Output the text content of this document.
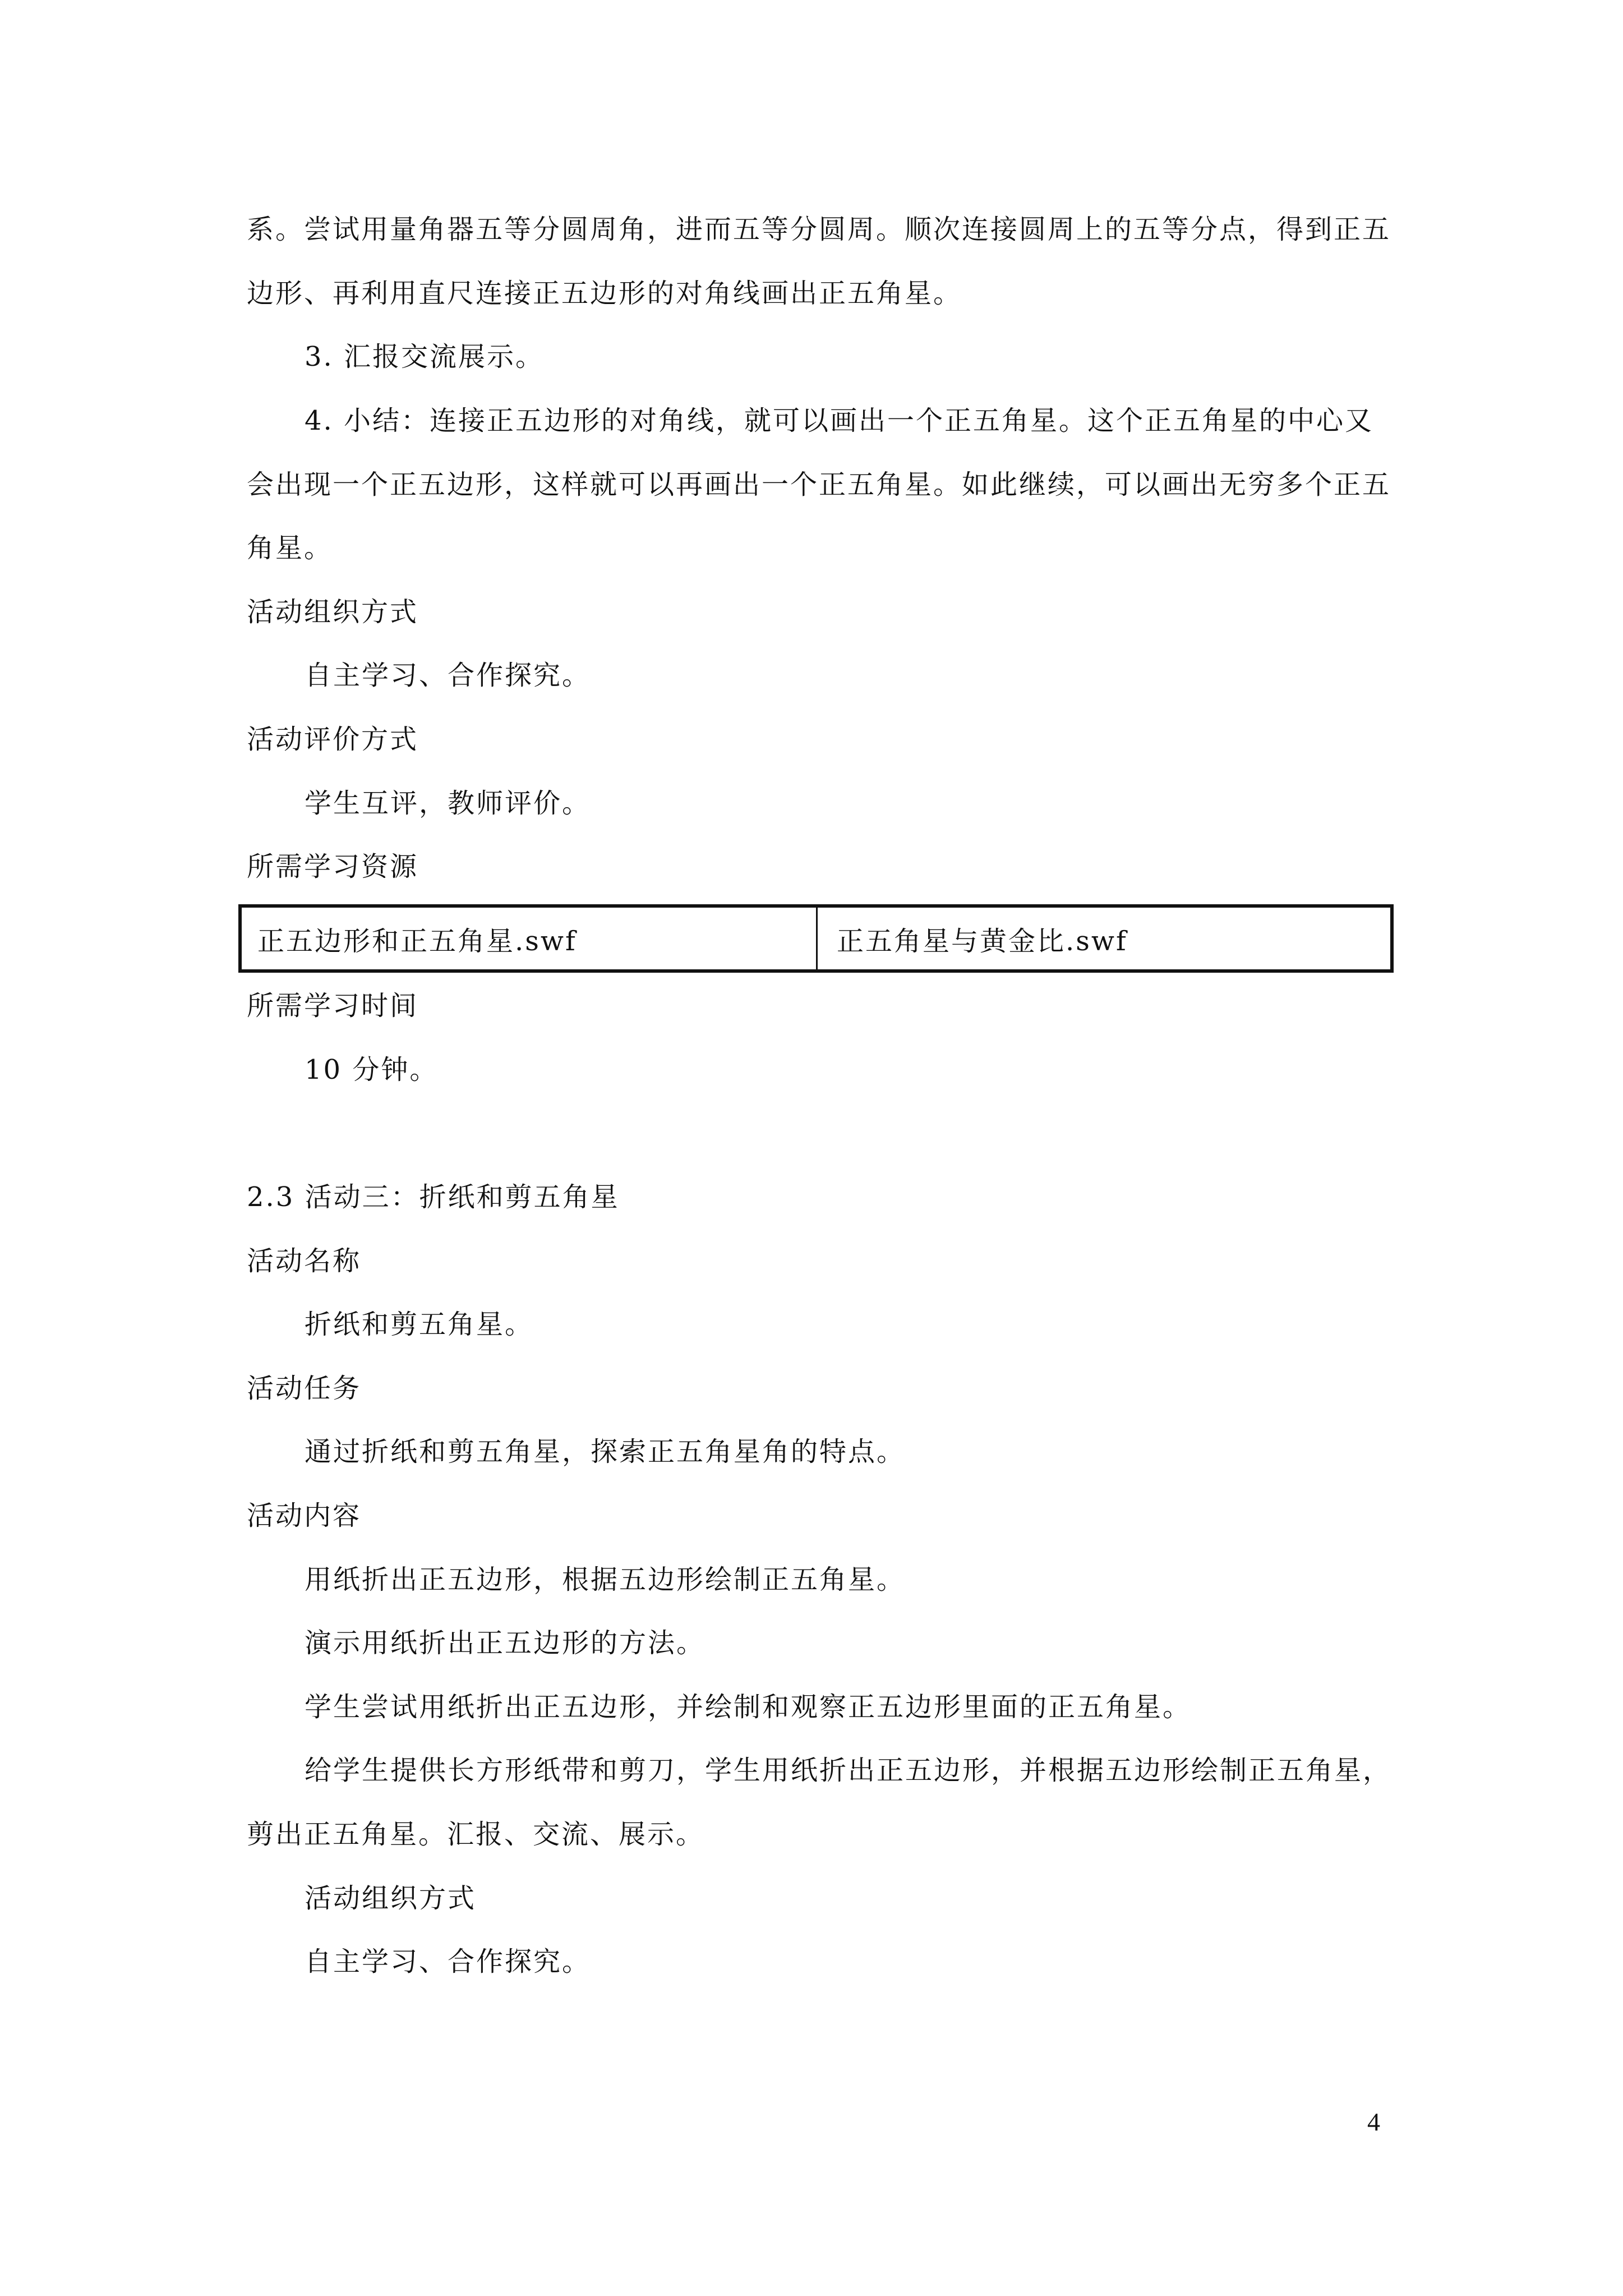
系。尝试用量角器五等分圆周角，进而五等分圆周。顺次连接圆周上的五等分点，得到正五
边形、再利用直尺连接正五边形的对角线画出正五角星。
3. 汇报交流展示。
4. 小结：连接正五边形的对角线，就可以画出一个正五角星。这个正五角星的中心又
会出现一个正五边形，这样就可以再画出一个正五角星。如此继续，可以画出无穷多个正五
角星。
活动组织方式
自主学习、合作探究。
活动评价方式
学生互评，教师评价。
所需学习资源
正五边形和正五角星.swf	正五角星与黄金比.swf
所需学习时间
10 分钟。
2.3 活动三：折纸和剪五角星
活动名称
折纸和剪五角星。
活动任务
通过折纸和剪五角星，探索正五角星角的特点。
活动内容
用纸折出正五边形，根据五边形绘制正五角星。
演示用纸折出正五边形的方法。
学生尝试用纸折出正五边形，并绘制和观察正五边形里面的正五角星。
给学生提供长方形纸带和剪刀，学生用纸折出正五边形，并根据五边形绘制正五角星，
剪出正五角星。汇报、交流、展示。
活动组织方式
自主学习、合作探究。
4
